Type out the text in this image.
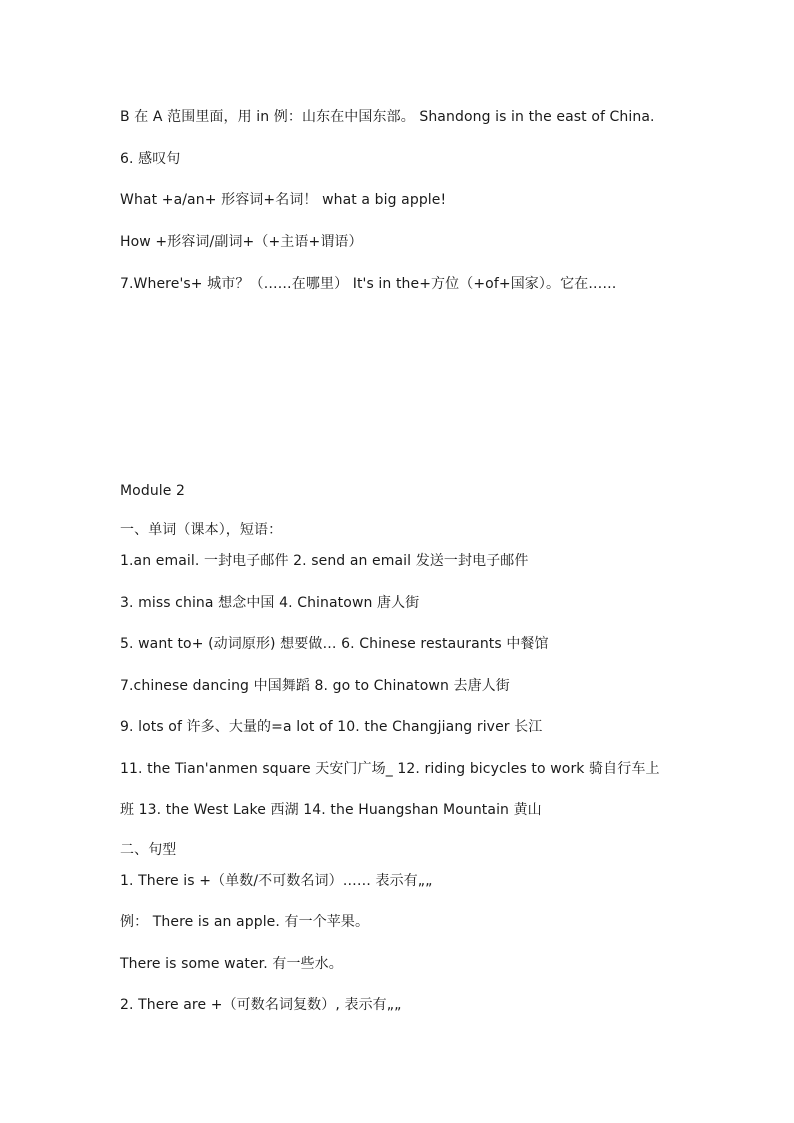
B 在 A 范围里面，用 in 例：山东在中国东部。 Shandong is in the east of China.
6. 感叹句
What +a/an+ 形容词+名词！ what a big apple!
How +形容词/副词+（+主语+谓语）
7.Where's+ 城市？（……在哪里） It's in the+方位（+of+国家）。它在……
Module 2
一、单词（课本），短语：
1.an email. 一封电子邮件 2. send an email 发送一封电子邮件
3. miss china 想念中国 4. Chinatown 唐人街
5. want to+ (动词原形) 想要做… 6. Chinese restaurants 中餐馆
7.chinese dancing 中国舞蹈 8. go to Chinatown 去唐人街
9. lots of 许多、大量的=a lot of 10. the Changjiang river 长江
11. the Tian'anmen square 天安门广场_ 12. riding bicycles to work 骑自行车上
班 13. the West Lake 西湖 14. the Huangshan Mountain 黄山
二、句型
1. There is +（单数/不可数名词）…… 表示有„„
例： There is an apple. 有一个苹果。
There is some water. 有一些水。
2. There are +（可数名词复数）, 表示有„„
